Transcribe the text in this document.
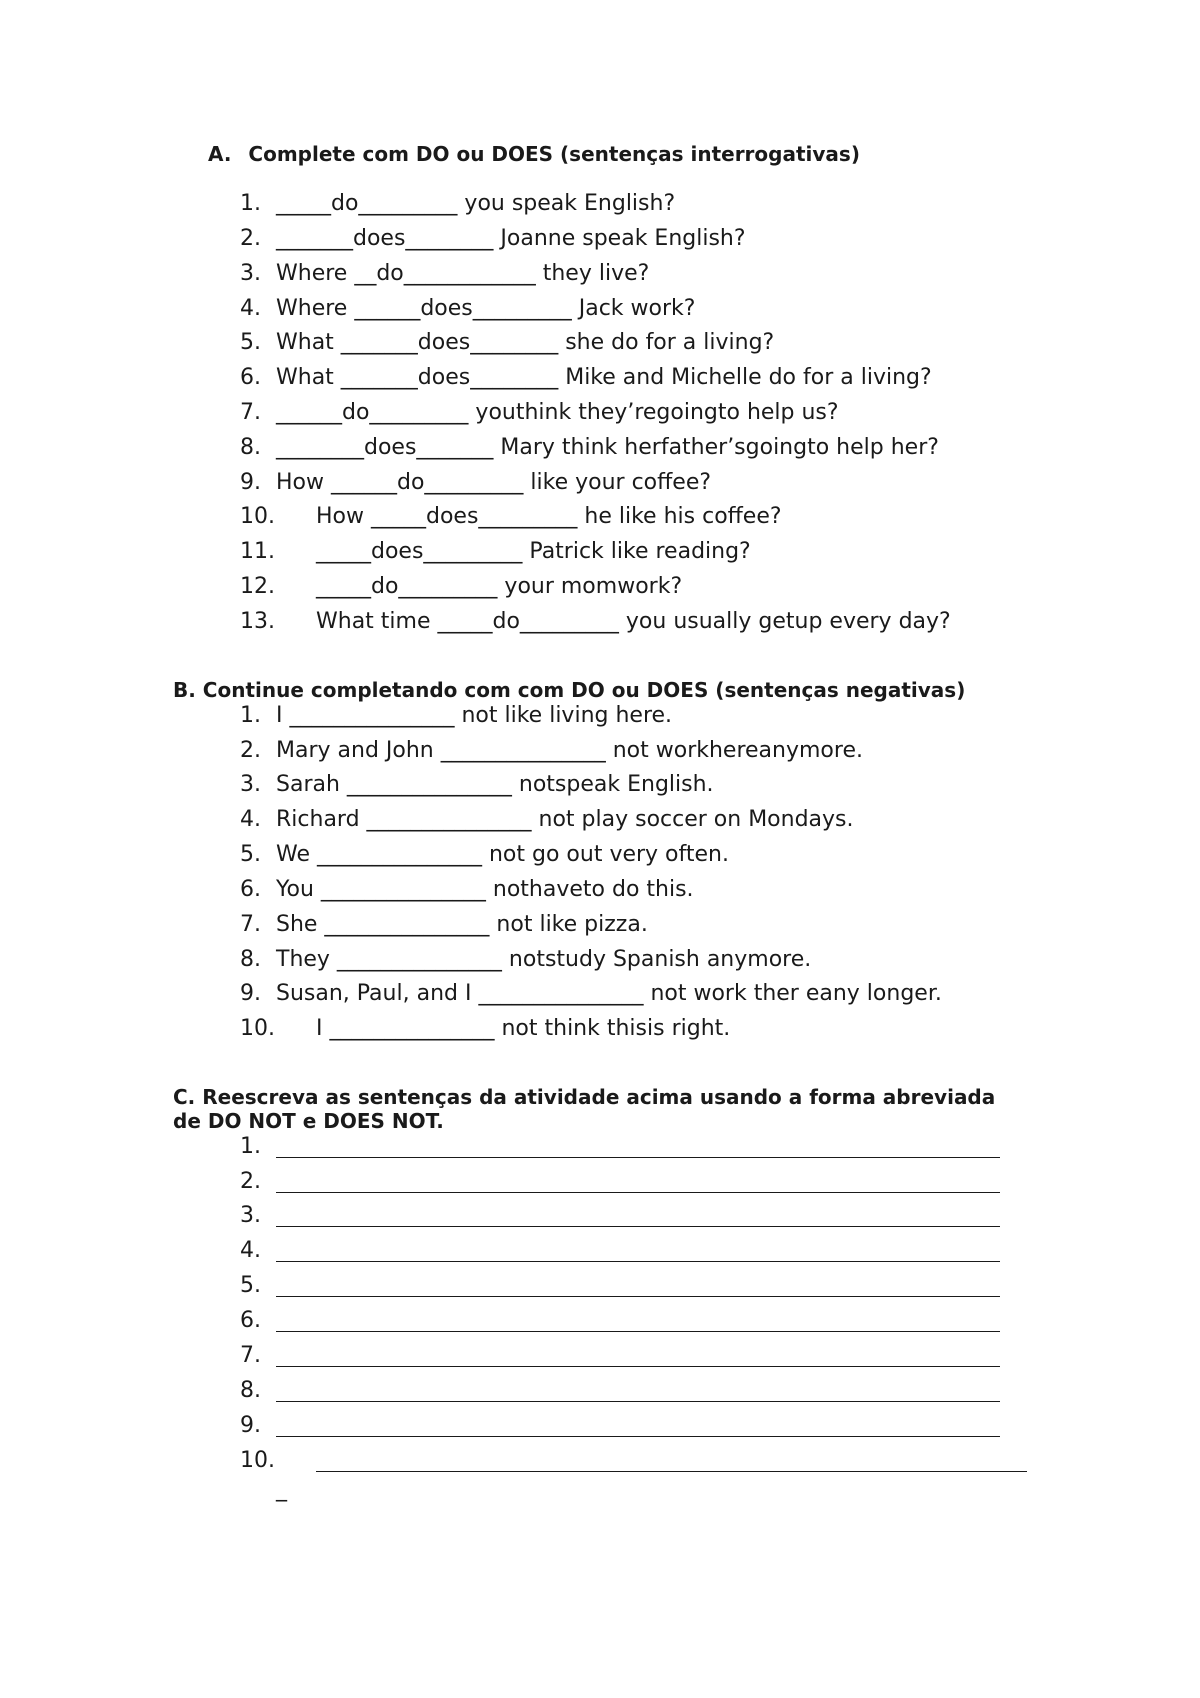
A. Complete com DO ou DOES (sentenças interrogativas)
1. _____do_________ you speak English?
2. _______does________ Joanne speak English?
3. Where __do____________ they live?
4. Where ______does_________ Jack work?
5. What _______does________ she do for a living?
6. What _______does________ Mike and Michelle do for a living?
7. ______do_________ youthink they’regoingto help us?
8. ________does_______ Mary think herfather’sgoingto help her?
9. How ______do_________ like your coffee?
10. How _____does_________ he like his coffee?
11. _____does_________ Patrick like reading?
12. _____do_________ your momwork?
13. What time _____do_________ you usually getup every day?
B. Continue completando com com DO ou DOES (sentenças negativas)
1. I _______________ not like living here.
2. Mary and John _______________ not workhereanymore.
3. Sarah _______________ notspeak English.
4. Richard _______________ not play soccer on Mondays.
5. We _______________ not go out very often.
6. You _______________ nothaveto do this.
7. She _______________ not like pizza.
8. They _______________ notstudy Spanish anymore.
9. Susan, Paul, and I _______________ not work ther eany longer.
10. I _______________ not think thisis right.
C. Reescreva as sentenças da atividade acima usando a forma abreviada
de DO NOT e DOES NOT.
1.
2.
3.
4.
5.
6.
7.
8.
9.
10.
_
